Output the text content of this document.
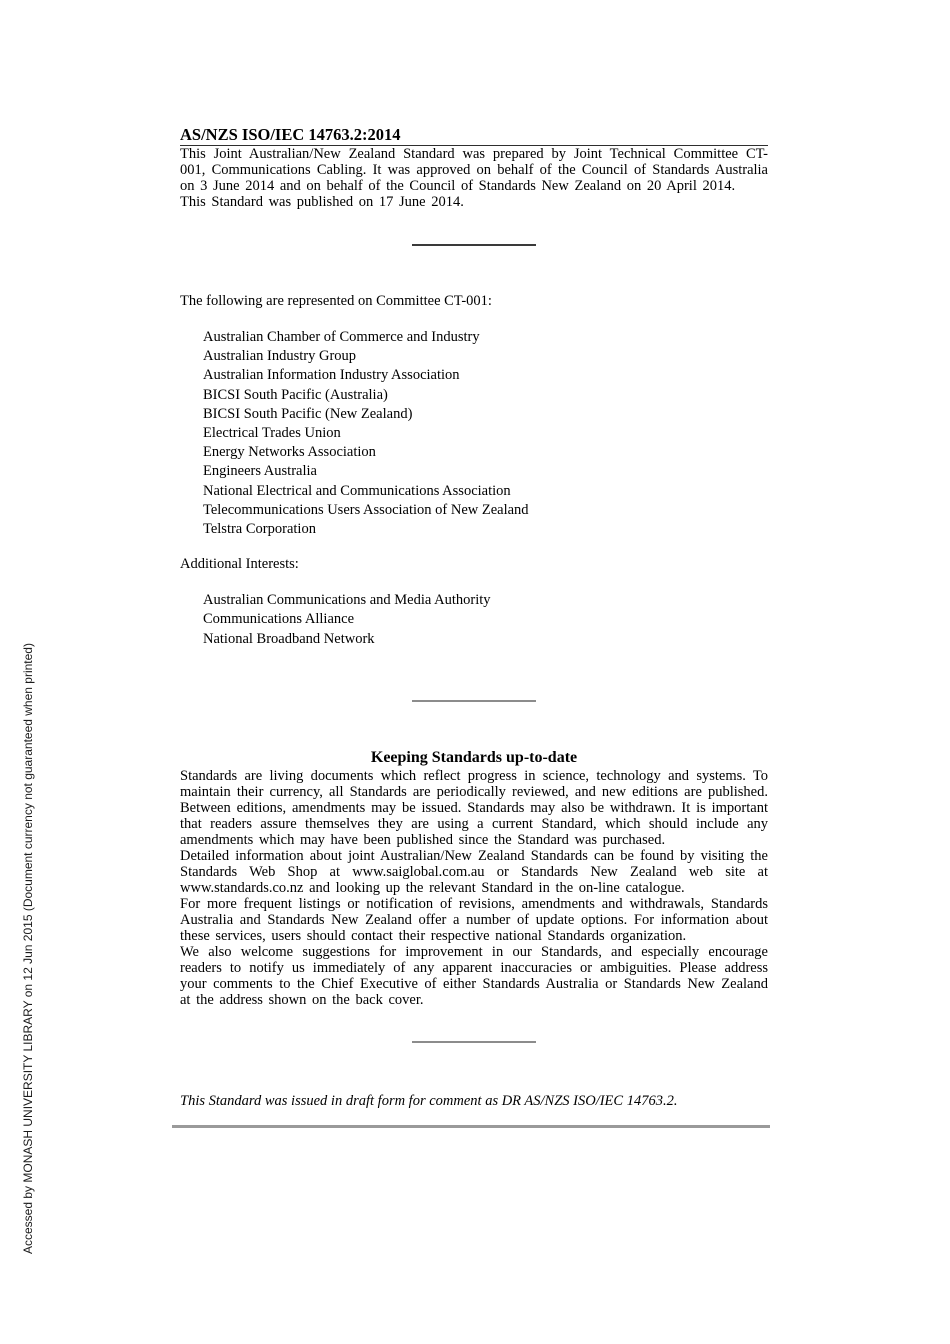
Accessed by MONASH UNIVERSITY LIBRARY on 12 Jun 2015 (Document currency not guaranteed when printed)
AS/NZS ISO/IEC 14763.2:2014

This Joint Australian/New Zealand Standard was prepared by Joint Technical Committee CT-001, Communications Cabling. It was approved on behalf of the Council of Standards Australia on 3 June 2014 and on behalf of the Council of Standards New Zealand on 20 April 2014.

This Standard was published on 17 June 2014.

The following are represented on Committee CT-001:

Australian Chamber of Commerce and Industry
Australian Industry Group
Australian Information Industry Association
BICSI South Pacific (Australia)
BICSI South Pacific (New Zealand)
Electrical Trades Union
Energy Networks Association
Engineers Australia
National Electrical and Communications Association
Telecommunications Users Association of New Zealand
Telstra Corporation

Additional Interests:

Australian Communications and Media Authority
Communications Alliance
National Broadband Network
Keeping Standards up-to-date

Standards are living documents which reflect progress in science, technology and systems. To maintain their currency, all Standards are periodically reviewed, and new editions are published. Between editions, amendments may be issued. Standards may also be withdrawn. It is important that readers assure themselves they are using a current Standard, which should include any amendments which may have been published since the Standard was purchased.

Detailed information about joint Australian/New Zealand Standards can be found by visiting the Standards Web Shop at www.saiglobal.com.au or Standards New Zealand web site at www.standards.co.nz and looking up the relevant Standard in the on-line catalogue.

For more frequent listings or notification of revisions, amendments and withdrawals, Standards Australia and Standards New Zealand offer a number of update options. For information about these services, users should contact their respective national Standards organization.

We also welcome suggestions for improvement in our Standards, and especially encourage readers to notify us immediately of any apparent inaccuracies or ambiguities. Please address your comments to the Chief Executive of either Standards Australia or Standards New Zealand at the address shown on the back cover.

This Standard was issued in draft form for comment as DR AS/NZS ISO/IEC 14763.2.
